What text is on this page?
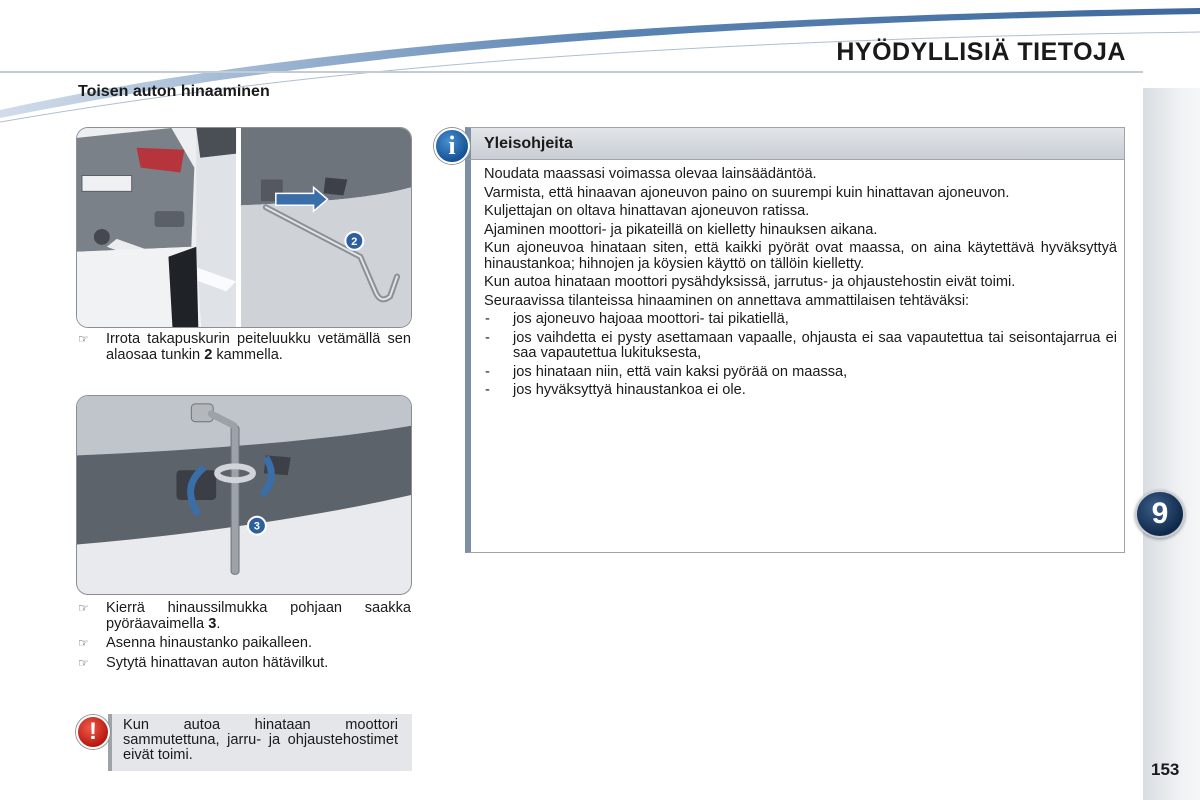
HYÖDYLLISIÄ TIETOJA
9
153
Toisen auton hinaaminen
2
☞ Irrota takapuskurin peiteluukku vetämällä sen alaosaa tunkin 2 kammella.
3
☞ Kierrä hinaussilmukka pohjaan saakka pyöräavaimella 3.
☞ Asenna hinaustanko paikalleen.
☞ Sytytä hinattavan auton hätävilkut.
!	Kun autoa hinataan moottori sammutettuna, jarru- ja ohjaustehostimet eivät toimi.
i	Yleisohjeita

Noudata maassasi voimassa olevaa lainsäädäntöä.

Varmista, että hinaavan ajoneuvon paino on suurempi kuin hinattavan ajoneuvon.

Kuljettajan on oltava hinattavan ajoneuvon ratissa.

Ajaminen moottori- ja pikateillä on kielletty hinauksen aikana.

Kun ajoneuvoa hinataan siten, että kaikki pyörät ovat maassa, on aina käytettävä hyväksyttyä hinaustankoa; hihnojen ja köysien käyttö on tällöin kielletty.

Kun autoa hinataan moottori pysähdyksissä, jarrutus- ja ohjaustehostin eivät toimi.

Seuraavissa tilanteissa hinaaminen on annettava ammattilaisen tehtäväksi:

- jos ajoneuvo hajoaa moottori- tai pikatiellä,
- jos vaihdetta ei pysty asettamaan vapaalle, ohjausta ei saa vapautettua tai seisontajarrua ei saa vapautettua lukituksesta,
- jos hinataan niin, että vain kaksi pyörää on maassa,
- jos hyväksyttyä hinaustankoa ei ole.
